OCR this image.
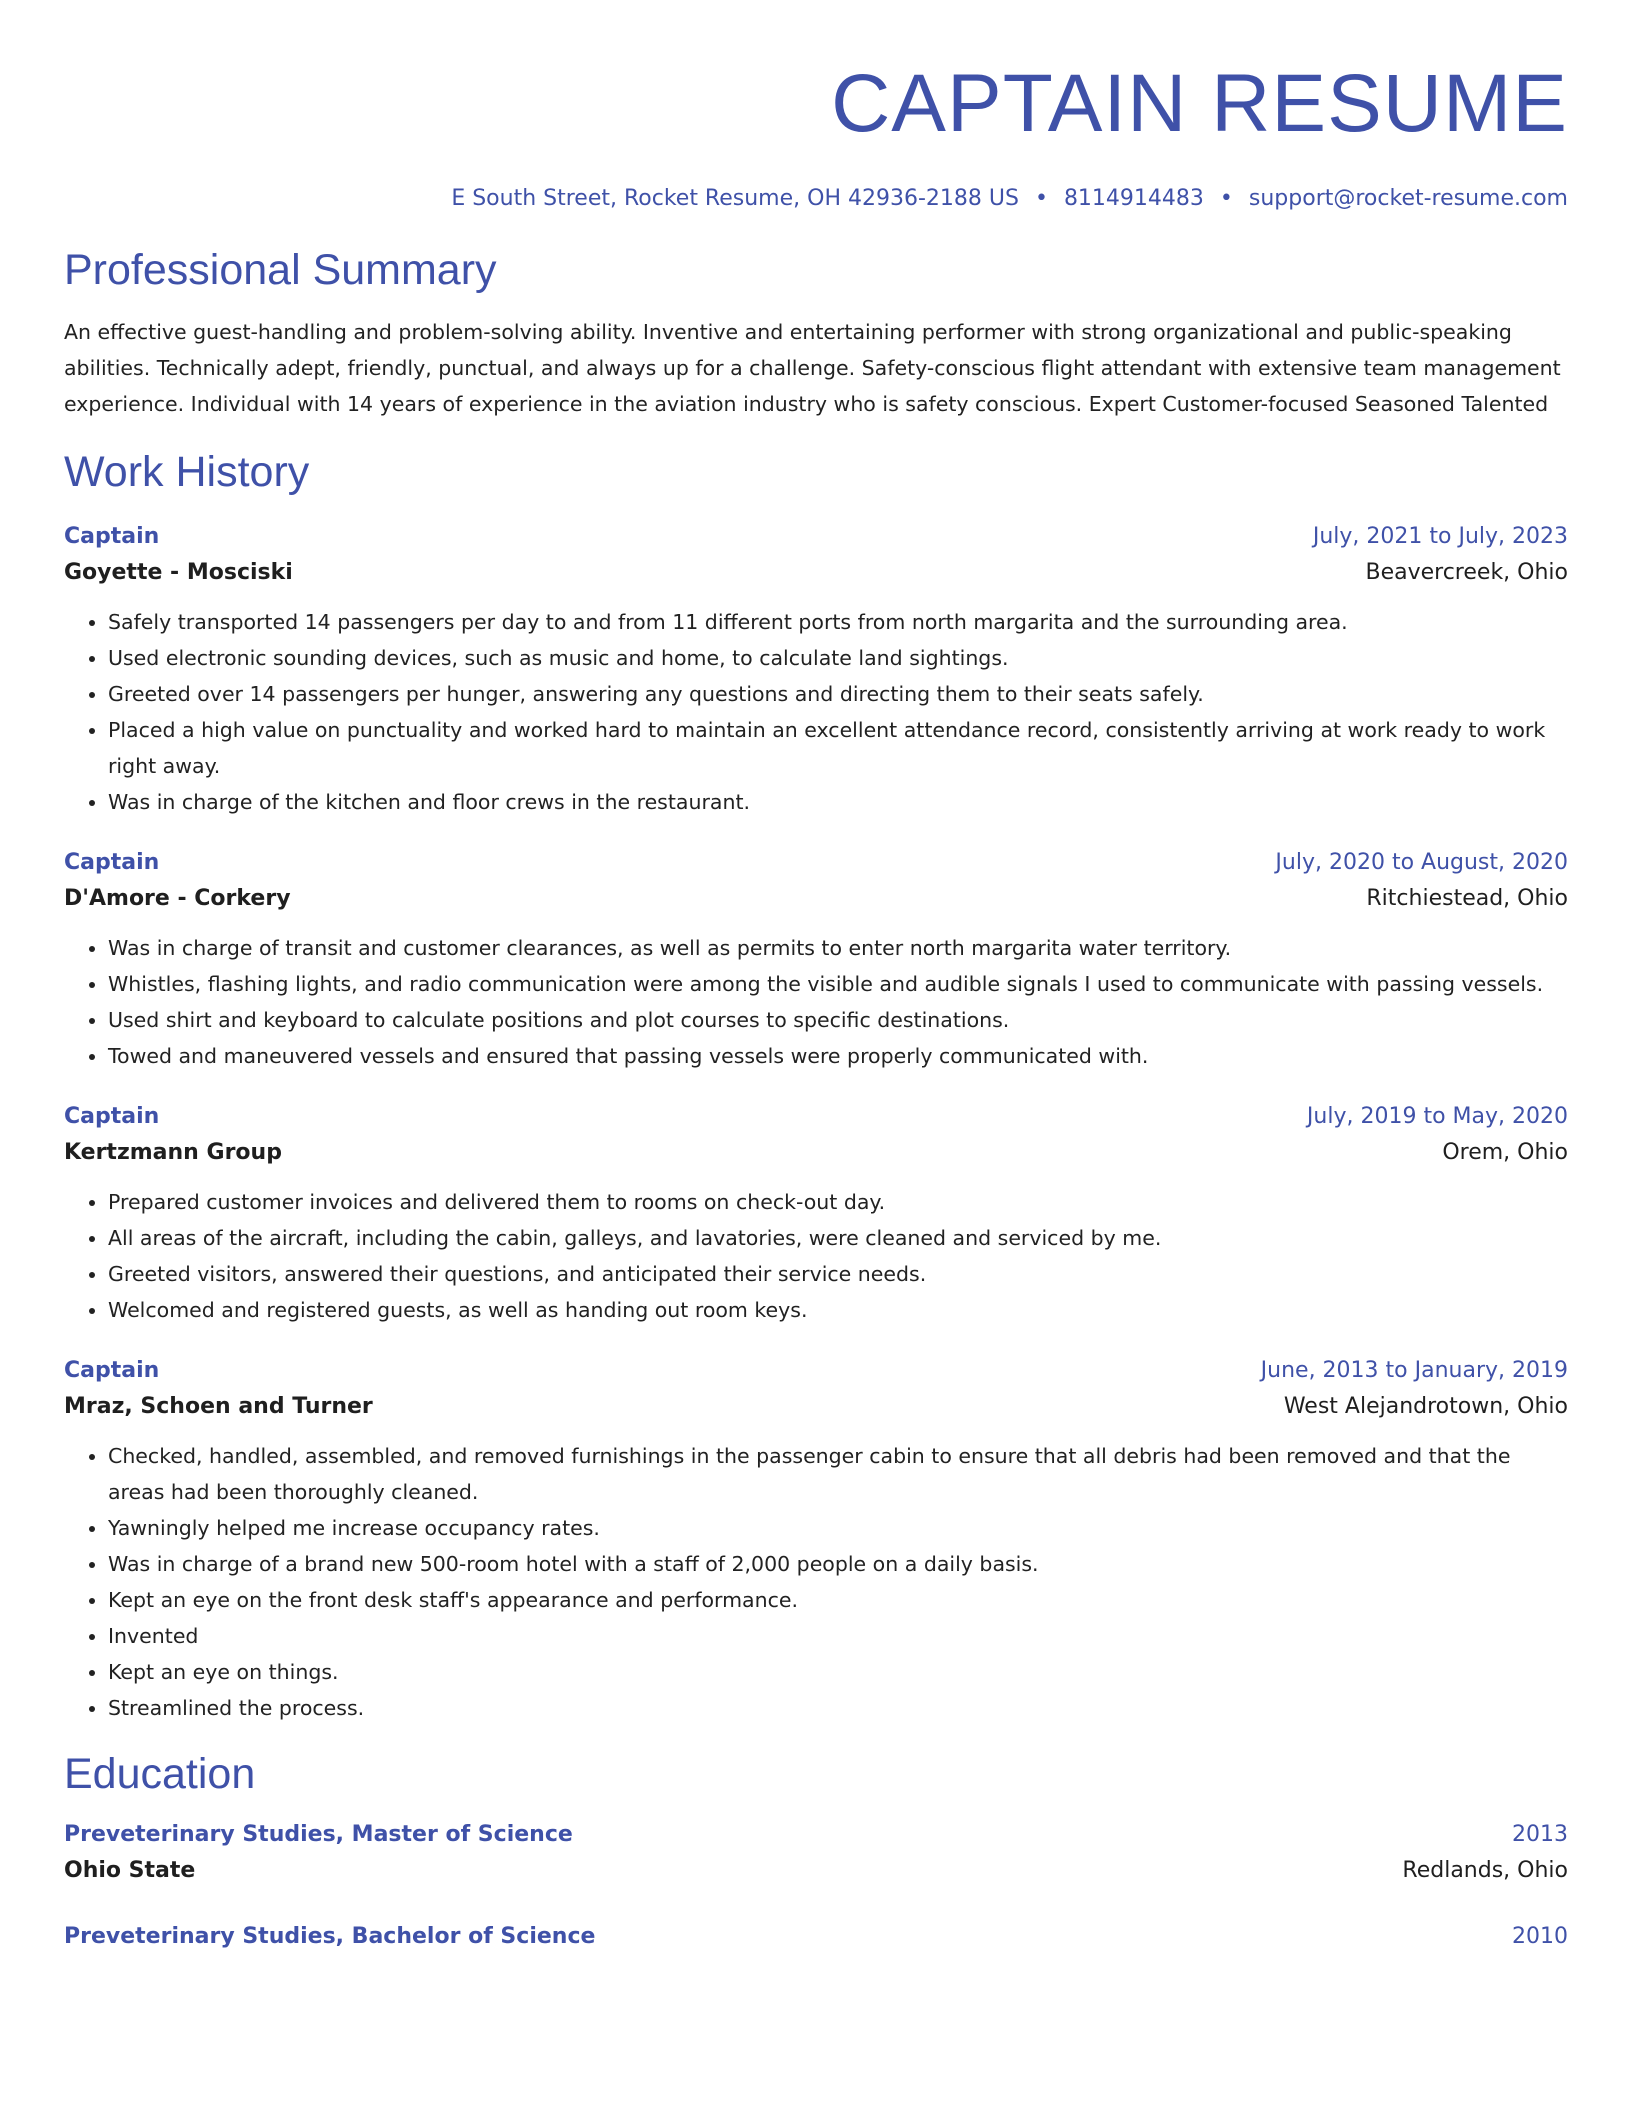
CAPTAIN RESUME
E South Street, Rocket Resume, OH 42936-2188 US • 8114914483 • support@rocket-resume.com
Professional Summary

An effective guest-handling and problem-solving ability. Inventive and entertaining performer with strong organizational and public-speaking abilities. Technically adept, friendly, punctual, and always up for a challenge. Safety-conscious flight attendant with extensive team management experience. Individual with 14 years of experience in the aviation industry who is safety conscious. Expert Customer-focused Seasoned Talented

Work History
Captain	July, 2021 to July, 2023
Goyette - Mosciski	Beavercreek, Ohio
• Safely transported 14 passengers per day to and from 11 different ports from north margarita and the surrounding area.
• Used electronic sounding devices, such as music and home, to calculate land sightings.
• Greeted over 14 passengers per hunger, answering any questions and directing them to their seats safely.
• Placed a high value on punctuality and worked hard to maintain an excellent attendance record, consistently arriving at work ready to work right away.
• Was in charge of the kitchen and floor crews in the restaurant.
Captain	July, 2020 to August, 2020
D'Amore - Corkery	Ritchiestead, Ohio
• Was in charge of transit and customer clearances, as well as permits to enter north margarita water territory.
• Whistles, flashing lights, and radio communication were among the visible and audible signals I used to communicate with passing vessels.
• Used shirt and keyboard to calculate positions and plot courses to specific destinations.
• Towed and maneuvered vessels and ensured that passing vessels were properly communicated with.
Captain	July, 2019 to May, 2020
Kertzmann Group	Orem, Ohio
• Prepared customer invoices and delivered them to rooms on check-out day.
• All areas of the aircraft, including the cabin, galleys, and lavatories, were cleaned and serviced by me.
• Greeted visitors, answered their questions, and anticipated their service needs.
• Welcomed and registered guests, as well as handing out room keys.
Captain	June, 2013 to January, 2019
Mraz, Schoen and Turner	West Alejandrotown, Ohio
• Checked, handled, assembled, and removed furnishings in the passenger cabin to ensure that all debris had been removed and that the areas had been thoroughly cleaned.
• Yawningly helped me increase occupancy rates.
• Was in charge of a brand new 500-room hotel with a staff of 2,000 people on a daily basis.
• Kept an eye on the front desk staff's appearance and performance.
• Invented
• Kept an eye on things.
• Streamlined the process.
Education
Preveterinary Studies, Master of Science	2013
Ohio State	Redlands, Ohio
Preveterinary Studies, Bachelor of Science	2010
